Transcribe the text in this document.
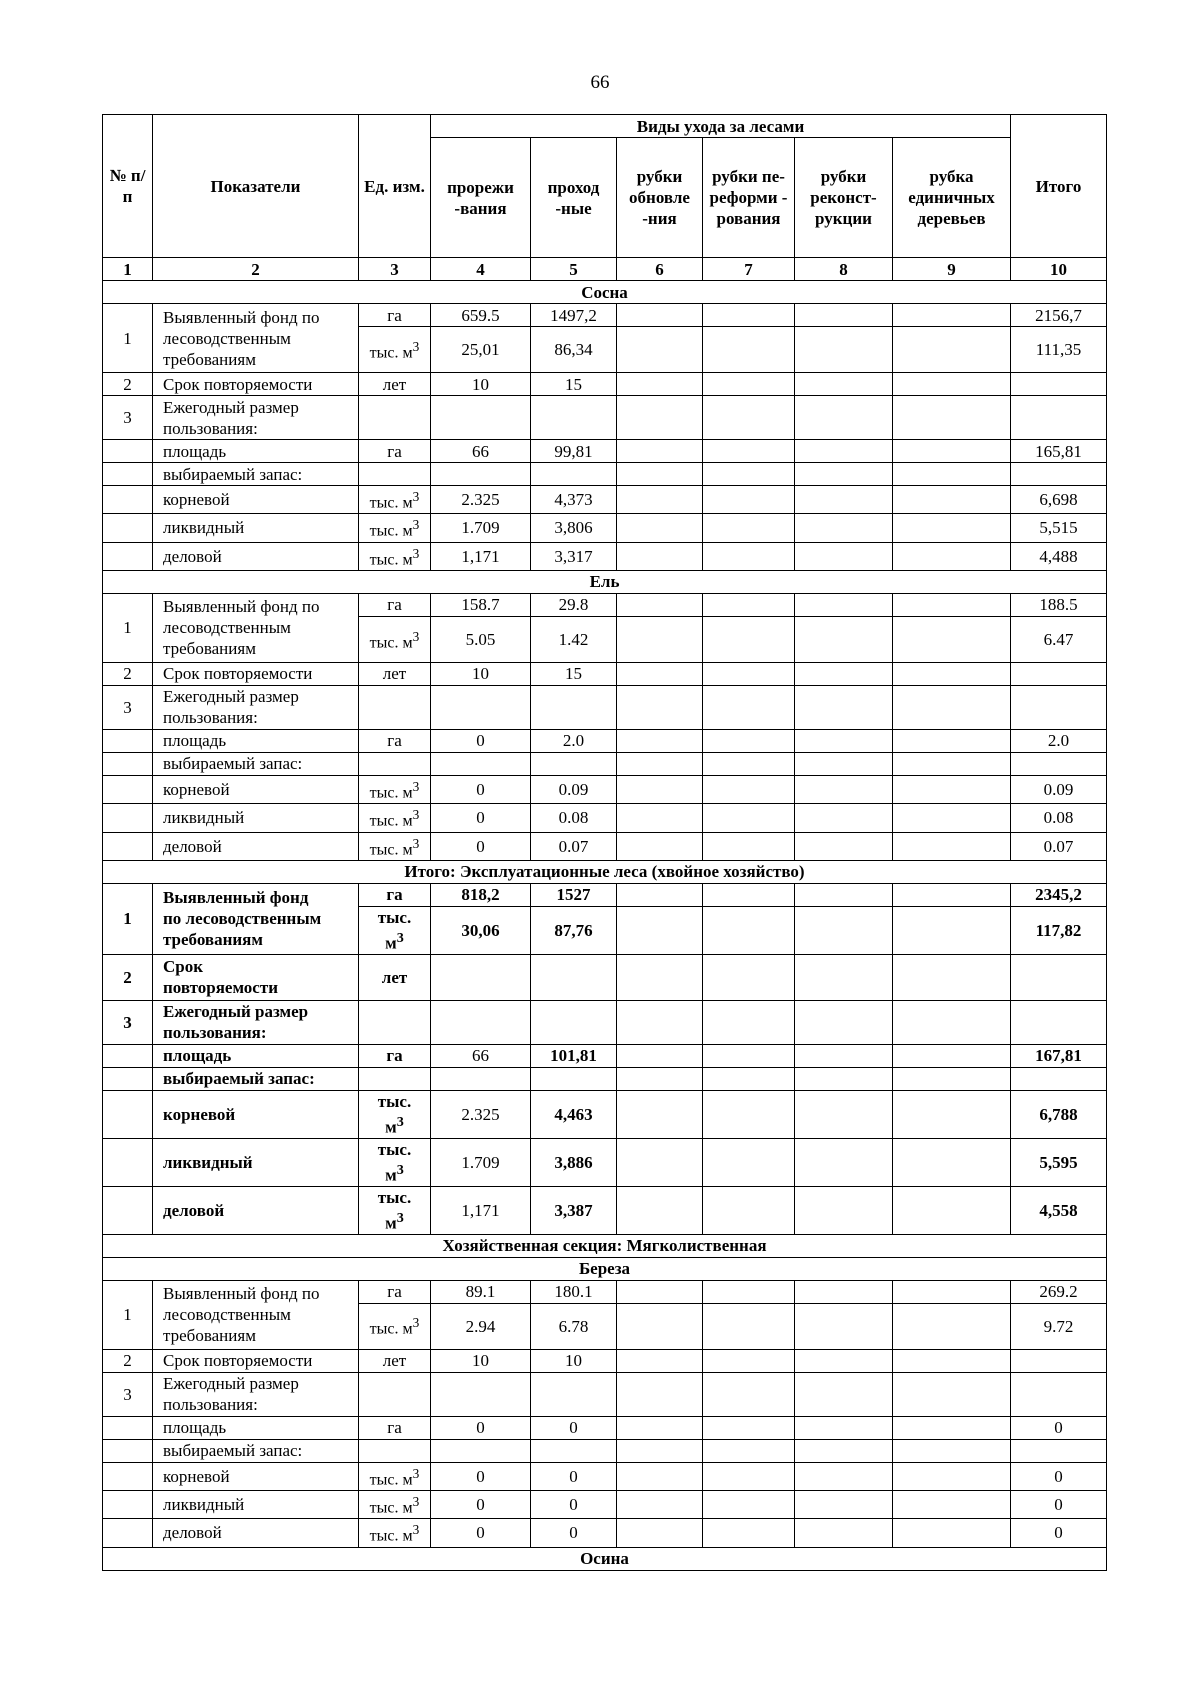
66
№ п/п	Показатели	Ед. изм.	Виды ухода за лесами						Итого
			прорежи -вания	проход -ные	рубки обновле -ния	рубки пе- реформи - рования	рубки реконст- рукции	рубка единичных деревьев	
1	2	3	4	5	6	7	8	9	10
Сосна									
1	Выявленный фонд по
лесоводственным
требованиям	га	659.5	1497,2					2156,7
		тыс. $м^3$	25,01	86,34					111,35
2	Срок повторяемости	лет	10	15					
3	Ежегодный размер
пользования:								
	площадь	га	66	99,81					165,81
	выбираемый запас:								
	корневой	тыс. $м^3$	2.325	4,373					6,698
	ликвидный	тыс. $м^3$	1.709	3,806					5,515
	деловой	тыс. $м^3$	1,171	3,317					4,488
Ель									
1	Выявленный фонд по
лесоводственным
требованиям	га	158.7	29.8					188.5
		тыс. $м^3$	5.05	1.42					6.47
2	Срок повторяемости	лет	10	15					
3	Ежегодный размер
пользования:								
	площадь	га	0	2.0					2.0
	выбираемый запас:								
	корневой	тыс. $м^3$	0	0.09					0.09
	ликвидный	тыс. $м^3$	0	0.08					0.08
	деловой	тыс. $м^3$	0	0.07					0.07
Итого: Эксплуатационные леса (хвойное хозяйство)									
1	Выявленный фонд
по лесоводственным
требованиям	га	818,2	1527					2345,2
		тыс.
$м^3$	30,06	87,76					117,82
2	Срок
повторяемости	лет							
3	Ежегодный размер
пользования:								
	площадь	га	66	101,81					167,81
	выбираемый запас:								
	корневой	тыс.
$м^3$	2.325	4,463					6,788
	ликвидный	тыс.
$м^3$	1.709	3,886					5,595
	деловой	тыс.
$м^3$	1,171	3,387					4,558
Хозяйственная секция: Мягколиственная									
Береза									
1	Выявленный фонд по
лесоводственным
требованиям	га	89.1	180.1					269.2
		тыс. $м^3$	2.94	6.78					9.72
2	Срок повторяемости	лет	10	10					
3	Ежегодный размер
пользования:								
	площадь	га	0	0					0
	выбираемый запас:								
	корневой	тыс. $м^3$	0	0					0
	ликвидный	тыс. $м^3$	0	0					0
	деловой	тыс. $м^3$	0	0					0
Осина									
